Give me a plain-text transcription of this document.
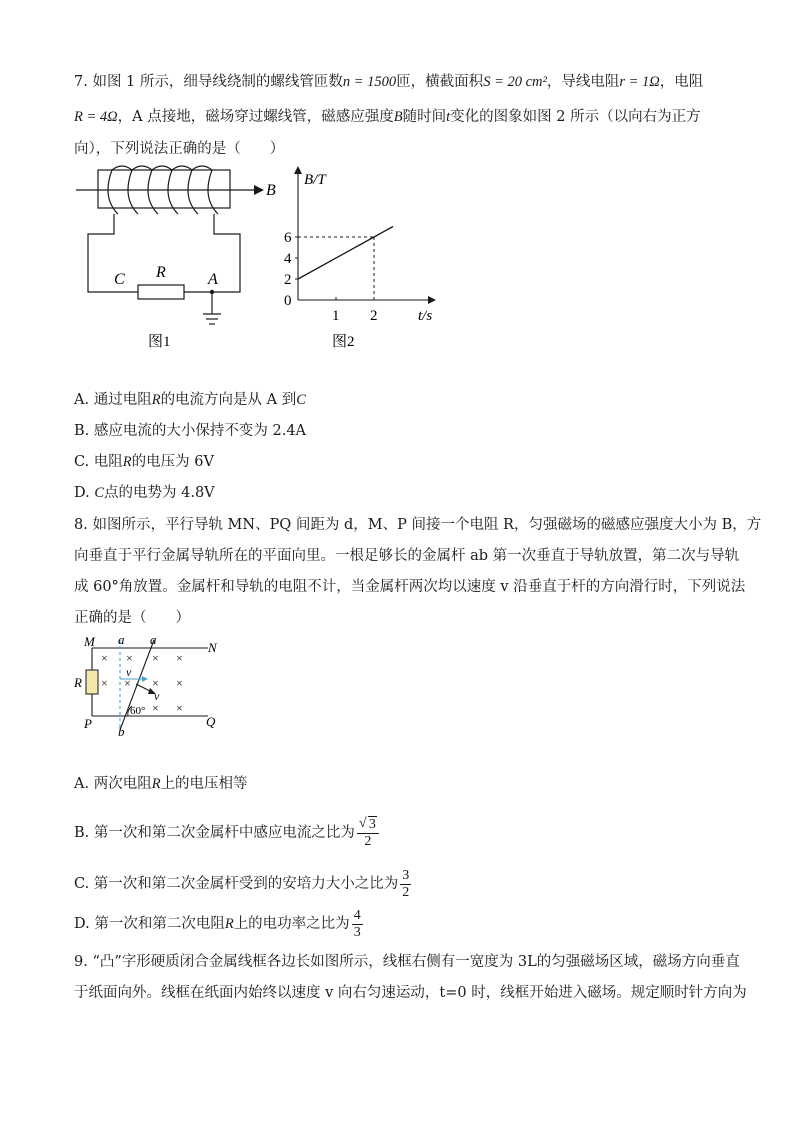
7. 如图 1 所示，细导线绕制的螺线管匝数n = 1500匝，横截面积S = 20 cm²，导线电阻r = 1Ω，电阻
R = 4Ω，A 点接地，磁场穿过螺线管，磁感应强度B随时间t变化的图象如图 2 所示（以向右为正方
向），下列说法正确的是（　　）
B
C R	A
图1
0
2
4
6
1 2
B/T
t/s
图2
A. 通过电阻R的电流方向是从 A 到C
B. 感应电流的大小保持不变为 2.4A
C. 电阻R的电压为 6V
D. C点的电势为 4.8V
8. 如图所示，平行导轨 MN、PQ 间距为 d，M、P 间接一个电阻 R，匀强磁场的磁感应强度大小为 B，方
向垂直于平行金属导轨所在的平面向里。一根足够长的金属杆 ab 第一次垂直于导轨放置，第二次与导轨
成 60°角放置。金属杆和导轨的电阻不计，当金属杆两次均以速度 v 沿垂直于杆的方向滑行时，下列说法
正确的是（　　）
× × × ×
× × × ×
× ×
M	N
P	Q
R
a a
b
v
v
60°
A. 两次电阻R上的电压相等
B. 第一次和第二次金属杆中感应电流之比为 $\frac{√ 3}{2}$
C. 第一次和第二次金属杆受到的安培力大小之比为 $\frac{3}{2}$
D. 第一次和第二次电阻 R 上的电功率之比为 $\frac{4}{3}$
9. “凸”字形硬质闭合金属线框各边长如图所示，线框右侧有一宽度为 3L的匀强磁场区域，磁场方向垂直
于纸面向外。线框在纸面内始终以速度 v 向右匀速运动，t=0 时，线框开始进入磁场。规定顺时针方向为
